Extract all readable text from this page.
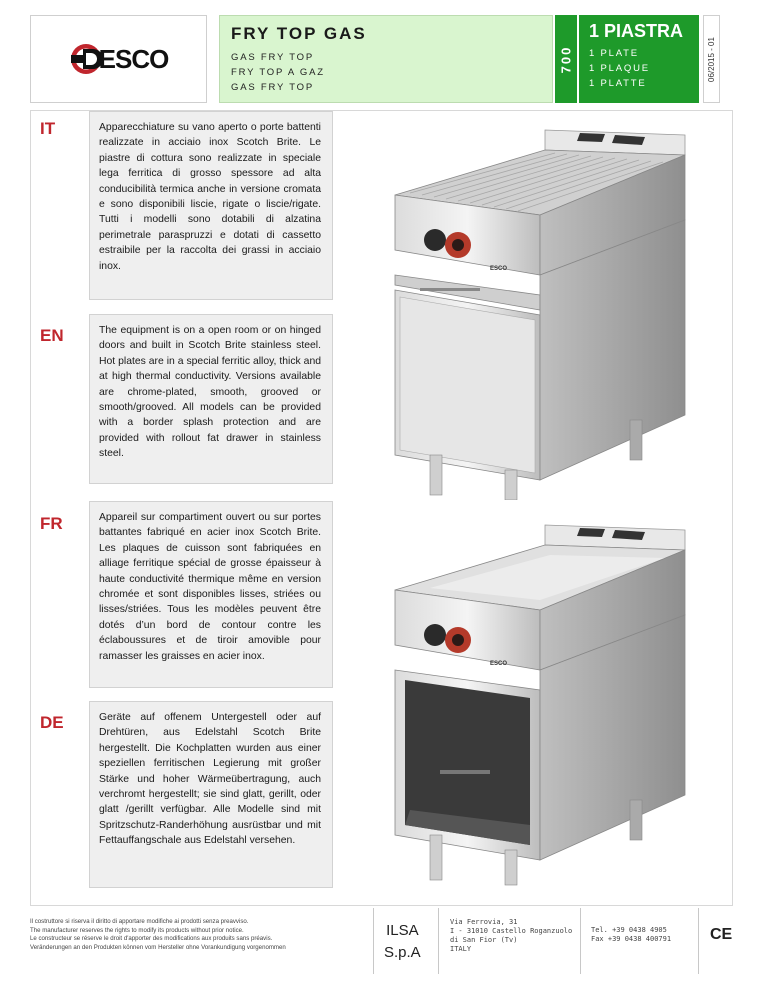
ESCO
FRY TOP GAS
GAS FRY TOP
FRY TOP A GAZ
GAS FRY TOP
700
1 PIASTRA
1 PLATE
1 PLAQUE
1 PLATTE
06/2015 - 01
IT	Apparecchiature su vano aperto o porte battenti realizzate in acciaio inox Scotch Brite. Le piastre di cottura sono realizzate in speciale lega ferritica di grosso spessore ad alta conducibilità termica anche in versione cromata e sono disponibili liscie, rigate o liscie/rigate. Tutti i modelli sono dotabili di alzatina perimetrale paraspruzzi e dotati di cassetto estraibile per la raccolta dei grassi in acciaio inox.
EN	The equipment is on a open room or on hinged doors and built in Scotch Brite stainless steel. Hot plates are in a special ferritic alloy, thick and at high thermal conductivity. Versions available are chrome-plated, smooth, grooved or smooth/grooved. All models can be provided with a border splash protection and are provided with rollout fat drawer in stainless steel.
FR	Appareil sur compartiment ouvert ou sur portes battantes fabriqué en acier inox Scotch Brite. Les plaques de cuisson sont fabriquées en alliage ferritique spécial de grosse épaisseur à haute conductivité thermique même en version chromée et sont disponibles lisses, striées ou lisses/striées. Tous les modèles peuvent être dotés d’un bord de contour contre les éclaboussures et de tiroir amovible pour ramasser les graisses en acier inox.
DE	Geräte auf offenem Untergestell oder auf Drehtüren, aus Edelstahl Scotch Brite hergestellt. Die Kochplatten wurden aus einer speziellen ferritischen Legierung mit großer Stärke und hoher Wärmeübertragung, auch verchromt hergestellt; sie sind glatt, gerillt, oder glatt /gerillt verfügbar. Alle Modelle sind mit Spritzschutz-Randerhöhung ausrüstbar und mit Fettauffangschale aus Edelstahl versehen.
ESCO
ESCO
Il costruttore si riserva il diritto di apportare modifiche ai prodotti senza preavviso.
The manufacturer reserves the rights to modify its products without prior notice.
Le constructeur se réserve le droit d'apporter des modifications aux produits sans préavis.
Veränderungen an den Produkten können vom Hersteller ohne Vorankundigung vorgenommen
ILSA
S.p.A
Via Ferrovia, 31
I - 31010 Castello Roganzuolo
di San Fior (Tv)
ITALY
Tel. +39 0438 4905
Fax +39 0438 400791 CE
